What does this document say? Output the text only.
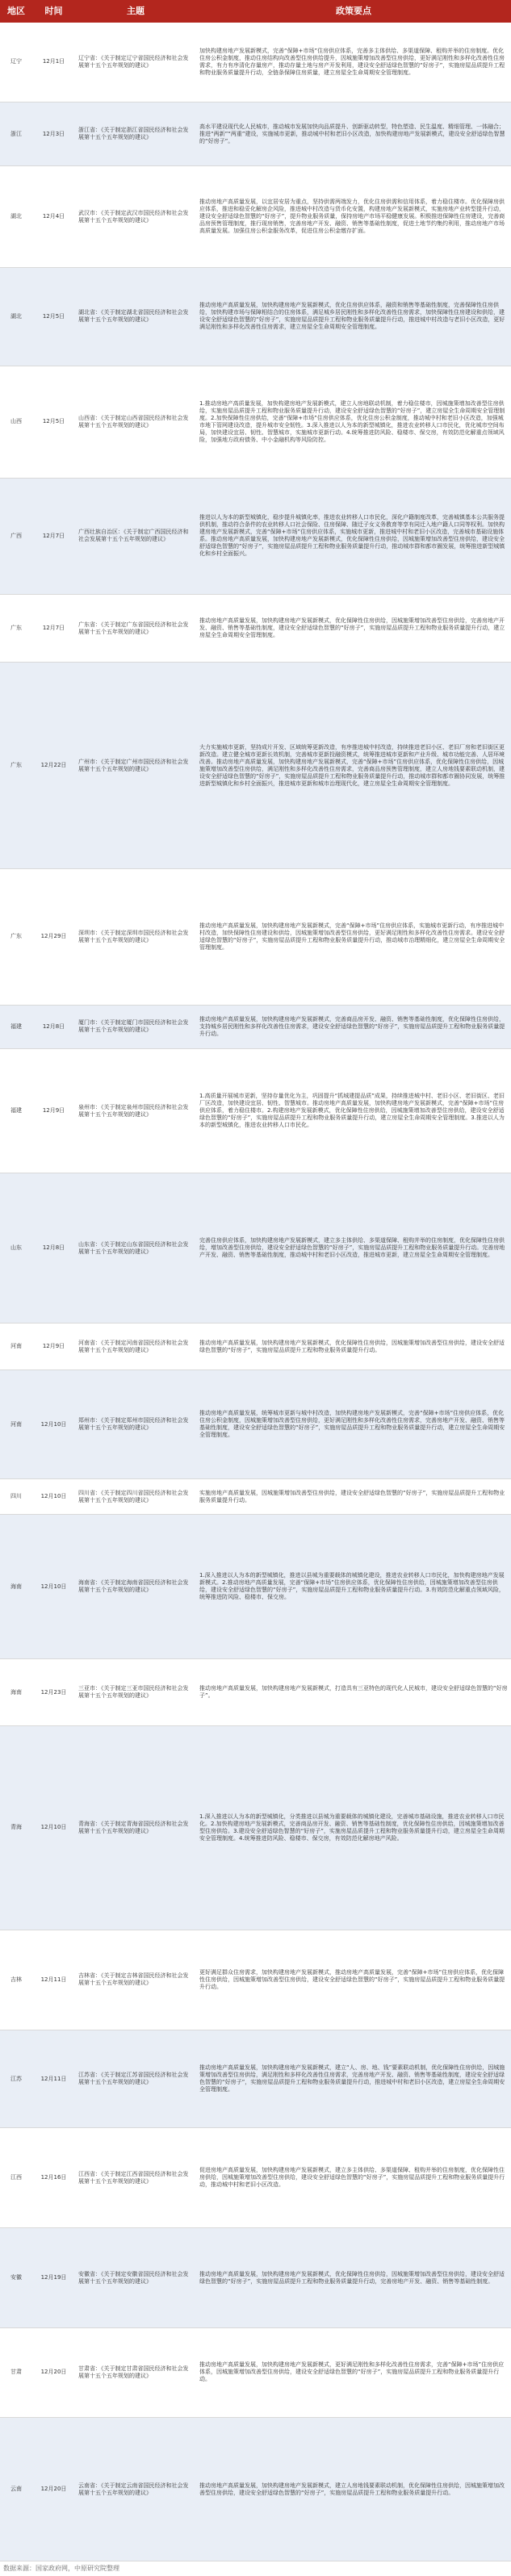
地区	时间	主题	政策要点
辽宁	12月1日	辽宁省：《关于制定辽宁省国民经济和社会发展第十五个五年规划的建议》	加快构建房地产发展新模式，完善“保障+市场”住房供应体系，完善多主体供给、多渠道保障、租购并举的住房制度。优化住房公积金制度，推动住房结构向改善型住房供给提升，因城施策增加改善型住房供给，更好满足刚性和多样化改善性住房需求，有力有序清化存量房产，推动存量土地与房产开发利用，建设安全舒适绿色智慧的“好房子”，实施房屋品质提升工程和物业服务质量提升行动，全链条保障住房质量，建立房屋全生命周期安全管理制度。
浙江	12月3日	浙江省：《关于制定浙江省国民经济和社会发展第十五个五年规划的建议》	高水平建设现代化人民城市，推动城市发展加快向品质提升、创新驱动转型，特色塑造、民生温度、精细管理、一体融合；推进“两新”“两重”建设，实施城市更新，推动城中村和老旧小区改造，加快构建房地产发展新模式，建设安全舒适绿色智慧的“好房子”。
湖北	12月4日	武汉市：《关于制定武汉市国民经济和社会发展第十五个五年规划的建议》	推动房地产高质量发展，以宜居安居为重点，坚持供需两端发力，优化住房供需和信用体系，着力稳住楼市。优化保障房供应体系，推进和稳妥化解房企风险，推进城中村改造与货币化安置，构建房地产发展新模式，实施房地产业转型提升行动，建设安全舒适绿色智慧的“好房子”，提升物业服务质量，保持房地产市场平稳健康发展。积极推进保障性住房建设，完善商品房预售管理制度，推行现房销售，完善房地产开发、融资、销售等基础性制度，促进土地节约集约利用，推动房地产市场高质量发展。加强住房公积金服务改革，促进住房公积金缴存扩面。
湖北	12月5日	湖北省：《关于制定湖北省国民经济和社会发展第十五个五年规划的建议》	推动房地产高质量发展，加快构建房地产发展新模式，优化住房供应体系，融资和销售等基础性制度，完善保障性住房供给，加快构建市场与保障相结合的住房体系，满足城乡居民刚性和多样化改善性住房需求，加快保障性住房建设和供给，建设安全舒适绿色智慧的“好房子”，实施房屋品质提升工程和物业服务质量提升行动，推进城中村改造与老旧小区改造，更好满足刚性和多样化改善性住房需求，建立房屋全生命周期安全管理制度。
山西	12月5日	山西省：《关于制定山西省国民经济和社会发展第十五个五年规划的建议》	1.推动房地产高质量发展，加快构建房地产发展新模式，建立人房地联动机制，着力稳住楼市，因城施策增加改善型住房供给，实施房屋品质提升工程和物业服务质量提升行动，建设安全舒适绿色智慧的“好房子”，建立房屋全生命周期安全管理制度。2.加快保障性住房供给，完善“保障+市场”住房供应体系，优化住房公积金制度，推动城中村和老旧小区改造，加强城市地下管网建设改造，提升城市安全韧性。3.深入推进以人为本的新型城镇化，推进农业转移人口市民化，优化城市空间布局，加快建设宜居、韧性、智慧城市，实施城市更新行动。4.统筹推进防风险、稳楼市、保交房，有效防范化解重点领域风险，加强地方政府债务、中小金融机构等风险防控。
广西	12月7日	广西壮族自治区：《关于制定广西国民经济和社会发展第十五个五年规划的建议》	推进以人为本的新型城镇化，稳步提升城镇化率，推进农业转移人口市民化，深化户籍制度改革，完善城镇基本公共服务提供机制，推动符合条件的农业转移人口社会保险、住房保障、随迁子女义务教育等享有同迁入地户籍人口同等权利。加快构建房地产发展新模式，完善“保障+市场”住房供应体系，实施城市更新，推进城中村和老旧小区改造，完善城市基础设施体系。推动房地产高质量发展，加快构建房地产发展新模式，优化保障性住房供给，因城施策增加改善型住房供给，建设安全舒适绿色智慧的“好房子”，实施房屋品质提升工程和物业服务质量提升行动，推动城市群和都市圈发展，统筹推进新型城镇化和乡村全面振兴。
广东	12月7日	广东省：《关于制定广东省国民经济和社会发展第十五个五年规划的建议》	推动房地产高质量发展，加快构建房地产发展新模式，优化保障性住房供给，因城施策增加改善型住房供给，完善房地产开发、融资、销售等基础性制度，建设安全舒适绿色智慧的“好房子”，实施房屋品质提升工程和物业服务质量提升行动，建立房屋全生命周期安全管理制度。
广东	12月22日	广州市：《关于制定广州市国民经济和社会发展第十五个五年规划的建议》	大力实施城市更新，坚持成片开发、区域统筹更新改造，有序推进城中村改造，持续推进老旧小区、老旧厂房和老旧街区更新改造。建立健全城市更新长效机制，完善城市更新投融资模式，统筹推进城市更新和产业升级、城市功能完善、人居环境改善。推动房地产高质量发展，加快构建房地产发展新模式，完善“保障+市场”住房供应体系，优化保障性住房供给，因城施策增加改善型住房供给，满足刚性和多样化改善性住房需求，完善商品房预售管理制度，建立人房地钱要素联动机制，建设安全舒适绿色智慧的“好房子”，实施房屋品质提升工程和物业服务质量提升行动，推动城市群和都市圈协同发展，统筹推进新型城镇化和乡村全面振兴，推进城市更新和城市治理现代化，建立房屋全生命周期安全管理制度。
广东	12月29日	深圳市：《关于制定深圳市国民经济和社会发展第十五个五年规划的建议》	推动房地产高质量发展，加快构建房地产发展新模式，完善“保障+市场”住房供应体系，实施城市更新行动，有序推进城中村改造，加快保障性住房建设和供给，因城施策增加改善型住房供给，更好满足刚性和多样化改善性住房需求。建设安全舒适绿色智慧的“好房子”，实施房屋品质提升工程和物业服务质量提升行动，推动城市治理精细化，建立房屋全生命周期安全管理制度。
福建	12月8日	厦门市：《关于制定厦门市国民经济和社会发展第十五个五年规划的建议》	推动房地产高质量发展，加快构建房地产发展新模式，完善商品房开发、融资、销售等基础性制度，优化保障性住房供给，支持城乡居民刚性和多样化改善性住房需求，建设安全舒适绿色智慧的“好房子”，实施房屋品质提升工程和物业服务质量提升行动。
福建	12月9日	泉州市：《关于制定泉州市国民经济和社会发展第十五个五年规划的建议》	1.高质量开展城市更新，坚持存量优化为主，巩固提升“抓城建提品质”成果，持续推进城中村、老旧小区、老旧街区、老旧厂区改造，加快建设宜居、韧性、智慧城市。推动房地产高质量发展，加快构建房地产发展新模式，完善“保障+市场”住房供应体系，着力稳住楼市。2.构建房地产发展新模式，优化保障性住房供给，因城施策增加改善型住房供给，建设安全舒适绿色智慧的“好房子”，实施房屋品质提升工程和物业服务质量提升行动，建立房屋全生命周期安全管理制度。3.推进以人为本的新型城镇化，推进农业转移人口市民化。
山东	12月8日	山东省：《关于制定山东省国民经济和社会发展第十五个五年规划的建议》	完善住房供应体系，加快构建房地产发展新模式，建立多主体供给、多渠道保障、租购并举的住房制度，优化保障性住房供给，增加改善型住房供给，建设安全舒适绿色智慧的“好房子”，实施房屋品质提升工程和物业服务质量提升行动。完善房地产开发、融资、销售等基础性制度，推动城中村和老旧小区改造，推进城市更新，建立房屋全生命周期安全管理制度。
河南	12月9日	河南省：《关于制定河南省国民经济和社会发展第十五个五年规划的建议》	推动房地产高质量发展，加快构建房地产发展新模式，优化保障性住房供给，因城施策增加改善型住房供给，建设安全舒适绿色智慧的“好房子”，实施房屋品质提升工程和物业服务质量提升行动。
河南	12月10日	郑州市：《关于制定郑州市国民经济和社会发展第十五个五年规划的建议》	推动房地产高质量发展，统筹城市更新与城中村改造，加快构建房地产发展新模式，完善“保障+市场”住房供应体系，优化住房公积金制度，因城施策增加改善型住房供给，更好满足刚性和多样化改善性住房需求，完善房地产开发、融资、销售等基础性制度，建设安全舒适绿色智慧的“好房子”，实施房屋品质提升工程和物业服务质量提升行动，建立房屋全生命周期安全管理制度。
四川	12月10日	四川省：《关于制定四川省国民经济和社会发展第十五个五年规划的建议》	实施房地产高质量发展，因城施策增加改善型住房供给，建设安全舒适绿色智慧的“好房子”，实施房屋品质提升工程和物业服务质量提升行动。
海南	12月10日	海南省：《关于制定海南省国民经济和社会发展第十五个五年规划的建议》	1.深入推进以人为本的新型城镇化，推进以县城为重要载体的城镇化建设，推进农业转移人口市民化，加快构建房地产发展新模式。2.推动房地产高质量发展，完善“保障+市场”住房供应体系，优化保障性住房供给，因城施策增加改善型住房供给，建设安全舒适绿色智慧的“好房子”，实施房屋品质提升工程和物业服务质量提升行动。3.有效防范化解重点领域风险，统筹推进防风险、稳楼市、保交房。
海南	12月23日	三亚市：《关于制定三亚市国民经济和社会发展第十五个五年规划的建议》	推动房地产高质量发展，加快构建房地产发展新模式，打造具有三亚特色的现代化人民城市，建设安全舒适绿色智慧的“好房子”。
青海	12月10日	青海省：《关于制定青海省国民经济和社会发展第十五个五年规划的建议》	1.深入推进以人为本的新型城镇化，分类推进以县城为重要载体的城镇化建设，完善城市基础设施，推进农业转移人口市民化。2.加快构建房地产发展新模式，完善商品房开发、融资、销售等基础性制度，优化保障性住房供给，因城施策增加改善型住房供给。3.建设安全舒适绿色智慧的“好房子”，实施房屋品质提升工程和物业服务质量提升行动，建立房屋全生命周期安全管理制度。4.统筹推进防风险、稳楼市、保交房，有效防范化解房地产风险。
吉林	12月11日	吉林省：《关于制定吉林省国民经济和社会发展第十五个五年规划的建议》	更好满足群众住房需求，加快构建房地产发展新模式，推动房地产高质量发展，完善“保障+市场”住房供应体系，优化保障性住房供给，因城施策增加改善型住房供给，建设安全舒适绿色智慧的“好房子”，实施房屋品质提升工程和物业服务质量提升行动。
江苏	12月11日	江苏省：《关于制定江苏省国民经济和社会发展第十五个五年规划的建议》	推动房地产高质量发展，加快构建房地产发展新模式，建立“人、房、地、钱”要素联动机制，优化保障性住房供给，因城施策增加改善型住房供给，满足刚性和多样化改善性住房需求，完善房地产开发、融资、销售等基础性制度，建设安全舒适绿色智慧的“好房子”，实施房屋品质提升工程和物业服务质量提升行动，推进城中村和老旧小区改造，建立房屋全生命周期安全管理制度。
江西	12月16日	江西省：《关于制定江西省国民经济和社会发展第十五个五年规划的建议》	促进房地产高质量发展，加快构建房地产发展新模式，建立多主体供给、多渠道保障、租购并举的住房制度，优化保障性住房供给，因城施策增加改善型住房供给，建设安全舒适绿色智慧的“好房子”，实施房屋品质提升工程和物业服务质量提升行动，推动城中村和老旧小区改造。
安徽	12月19日	安徽省：《关于制定安徽省国民经济和社会发展第十五个五年规划的建议》	推动房地产高质量发展，加快构建房地产发展新模式，优化保障性住房供给，因城施策增加改善型住房供给，建设安全舒适绿色智慧的“好房子”，实施房屋品质提升工程和物业服务质量提升行动，完善房地产开发、融资、销售等基础性制度。
甘肃	12月20日	甘肃省：《关于制定甘肃省国民经济和社会发展第十五个五年规划的建议》	推动房地产高质量发展，加快构建房地产发展新模式，更好满足刚性和多样化改善性住房需求，完善“保障+市场”住房供应体系，因城施策增加改善型住房供给，建设安全舒适绿色智慧的“好房子”，实施房屋品质提升工程和物业服务质量提升行动。
云南	12月20日	云南省：《关于制定云南省国民经济和社会发展第十五个五年规划的建议》	推动房地产高质量发展，加快构建房地产发展新模式，建立人房地钱要素联动机制，优化保障性住房供给，因城施策增加改善型住房供给，建设安全舒适绿色智慧的“好房子”，实施房屋品质提升工程和物业服务质量提升行动。
数据来源：国家政府网，中原研究院整理
